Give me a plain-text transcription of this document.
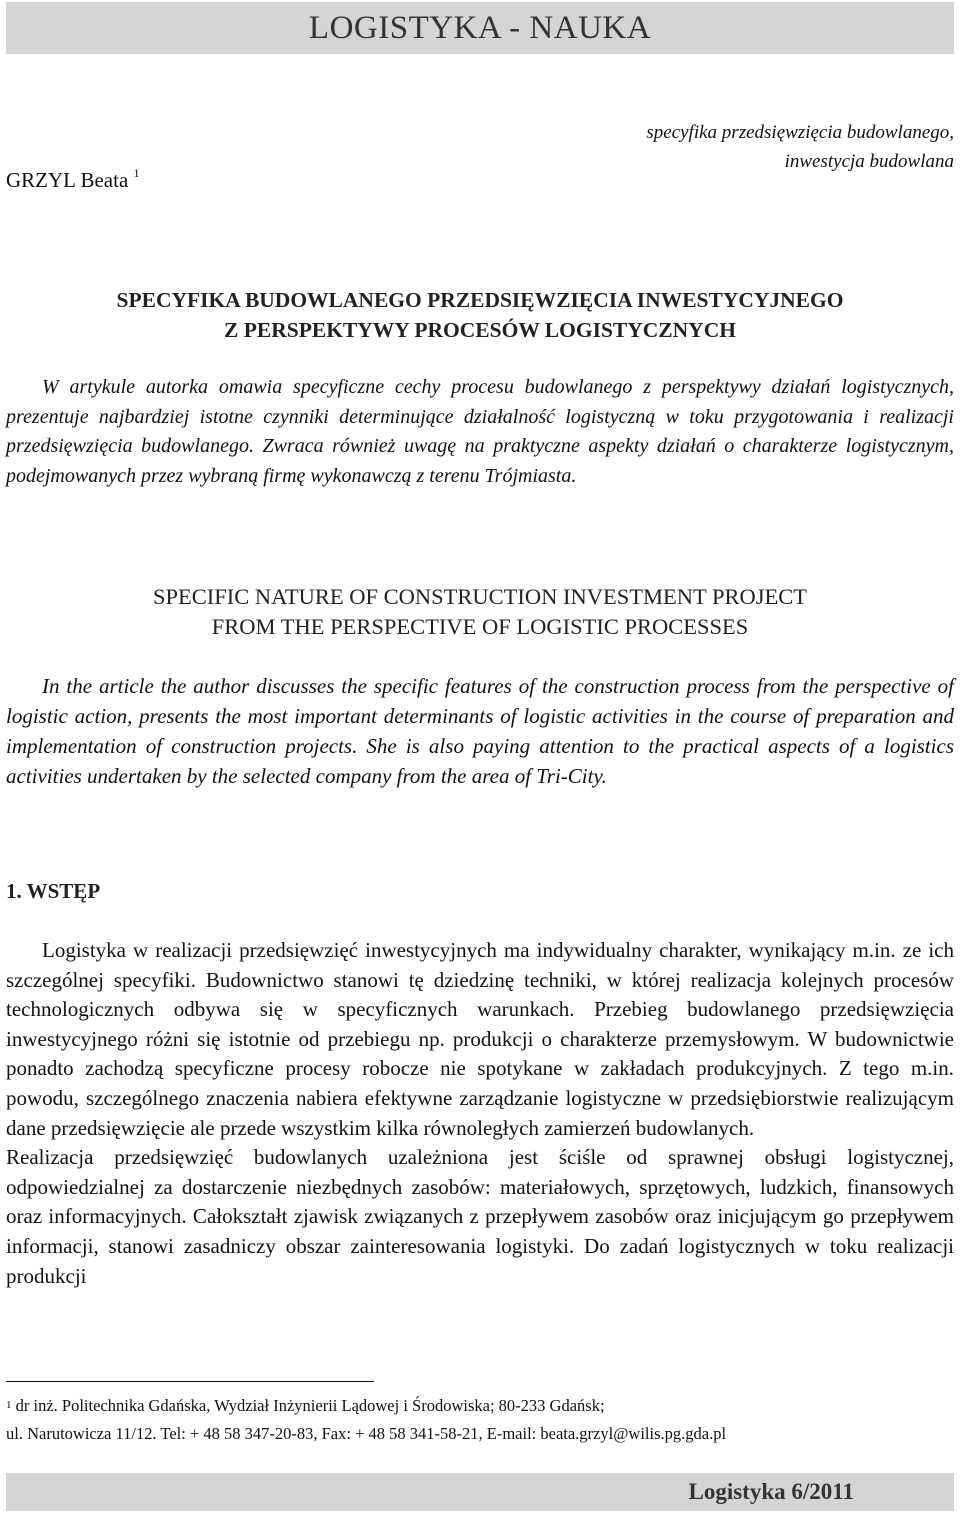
LOGISTYKA - NAUKA
specyfika przedsięwzięcia budowlanego,
inwestycja budowlana
GRZYL Beata $^1$
SPECYFIKA BUDOWLANEGO PRZEDSIĘWZIĘCIA INWESTYCYJNEGO
Z PERSPEKTYWY PROCESÓW LOGISTYCZNYCH

W artykule autorka omawia specyficzne cechy procesu budowlanego z perspektywy działań logistycznych, prezentuje najbardziej istotne czynniki determinujące działalność logistyczną w toku przygotowania i realizacji przedsięwzięcia budowlanego. Zwraca również uwagę na praktyczne aspekty działań o charakterze logistycznym, podejmowanych przez wybraną firmę wykonawczą z terenu Trójmiasta.

SPECIFIC NATURE OF CONSTRUCTION INVESTMENT PROJECT
FROM THE PERSPECTIVE OF LOGISTIC PROCESSES

In the article the author discusses the specific features of the construction process from the perspective of logistic action, presents the most important determinants of logistic activities in the course of preparation and implementation of construction projects. She is also paying attention to the practical aspects of a logistics activities undertaken by the selected company from the area of Tri-City.

1. WSTĘP

Logistyka w realizacji przedsięwzięć inwestycyjnych ma indywidualny charakter, wynikający m.in. ze ich szczególnej specyfiki. Budownictwo stanowi tę dziedzinę techniki, w której realizacja kolejnych procesów technologicznych odbywa się w specyficznych warunkach. Przebieg budowlanego przedsięwzięcia inwestycyjnego różni się istotnie od przebiegu np. produkcji o charakterze przemysłowym. W budownictwie ponadto zachodzą specyficzne procesy robocze nie spotykane w zakładach produkcyjnych. Z tego m.in. powodu, szczególnego znaczenia nabiera efektywne zarządzanie logistyczne w przedsiębiorstwie realizującym dane przedsięwzięcie ale przede wszystkim kilka równoległych zamierzeń budowlanych.

Realizacja przedsięwzięć budowlanych uzależniona jest ściśle od sprawnej obsługi logistycznej, odpowiedzialnej za dostarczenie niezbędnych zasobów: materiałowych, sprzętowych, ludzkich, finansowych oraz informacyjnych. Całokształt zjawisk związanych z przepływem zasobów oraz inicjującym go przepływem informacji, stanowi zasadniczy obszar zainteresowania logistyki. Do zadań logistycznych w toku realizacji produkcji

$^1$ dr inż. Politechnika Gdańska, Wydział Inżynierii Lądowej i Środowiska; 80-233 Gdańsk;
ul. Narutowicza 11/12. Tel: + 48 58 347-20-83, Fax: + 48 58 341-58-21, E-mail: beata.grzyl@wilis.pg.gda.pl
Logistyka 6/2011
